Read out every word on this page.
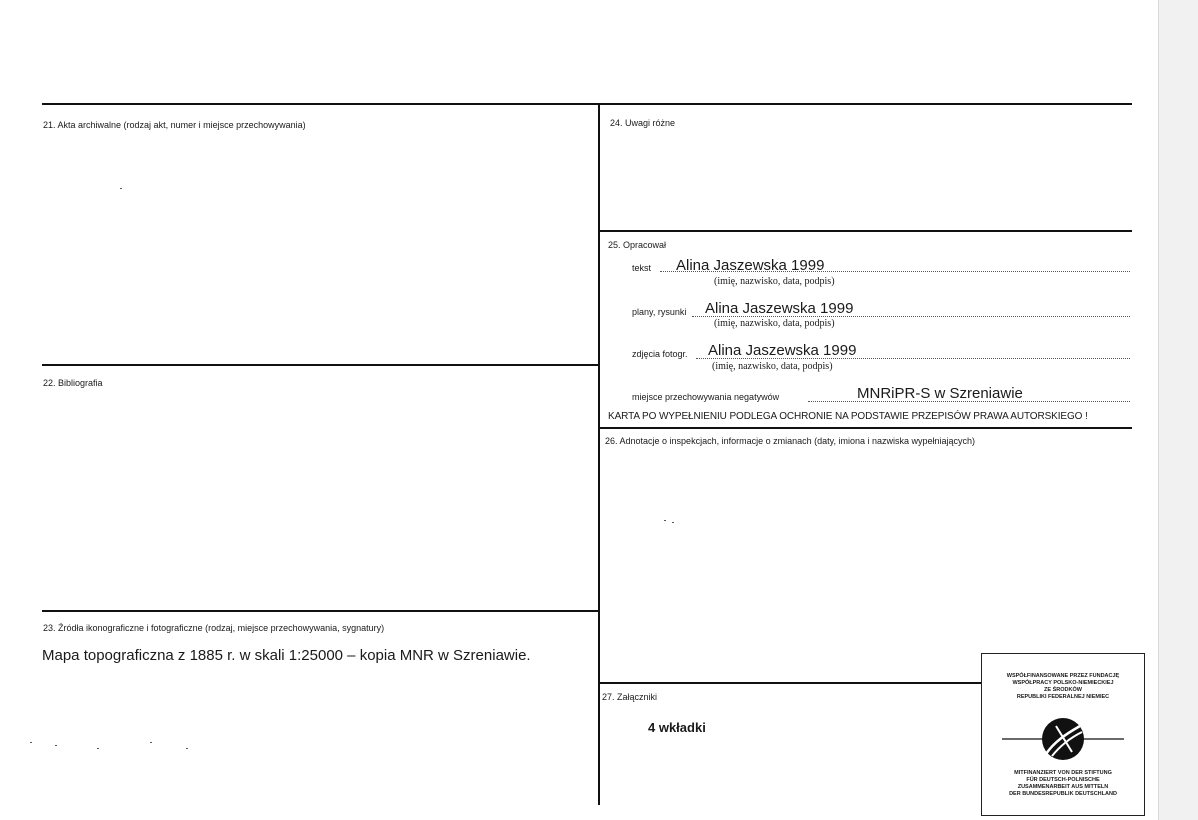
21. Akta archiwalne (rodzaj akt, numer i miejsce przechowywania)
22. Bibliografia
23. Źródła ikonograficzne i fotograficzne (rodzaj, miejsce przechowywania, sygnatury)
Mapa topograficzna z 1885 r. w skali 1:25000 – kopia MNR w Szreniawie.
24. Uwagi różne
25. Opracował
tekst Alina Jaszewska 1999
(imię, nazwisko, data, podpis)
plany, rysunki Alina Jaszewska 1999
(imię, nazwisko, data, podpis)
zdjęcia fotogr. Alina Jaszewska 1999
(imię, nazwisko, data, podpis)
miejsce przechowywania negatywów	MNRiPR-S w Szreniawie
KARTA PO WYPEŁNIENIU PODLEGA OCHRONIE NA PODSTAWIE PRZEPISÓW PRAWA AUTORSKIEGO !
26. Adnotacje o inspekcjach, informacje o zmianach (daty, imiona i nazwiska wypełniających)
27. Załączniki
4 wkładki
WSPÓŁFINANSOWANE PRZEZ FUNDACJĘ
WSPÓŁPRACY POLSKO-NIEMIECKIEJ
ZE ŚRODKÓW
REPUBLIKI FEDERALNEJ NIEMIEC
MITFINANZIERT VON DER STIFTUNG
FÜR DEUTSCH-POLNISCHE
ZUSAMMENARBEIT AUS MITTELN
DER BUNDESREPUBLIK DEUTSCHLAND
